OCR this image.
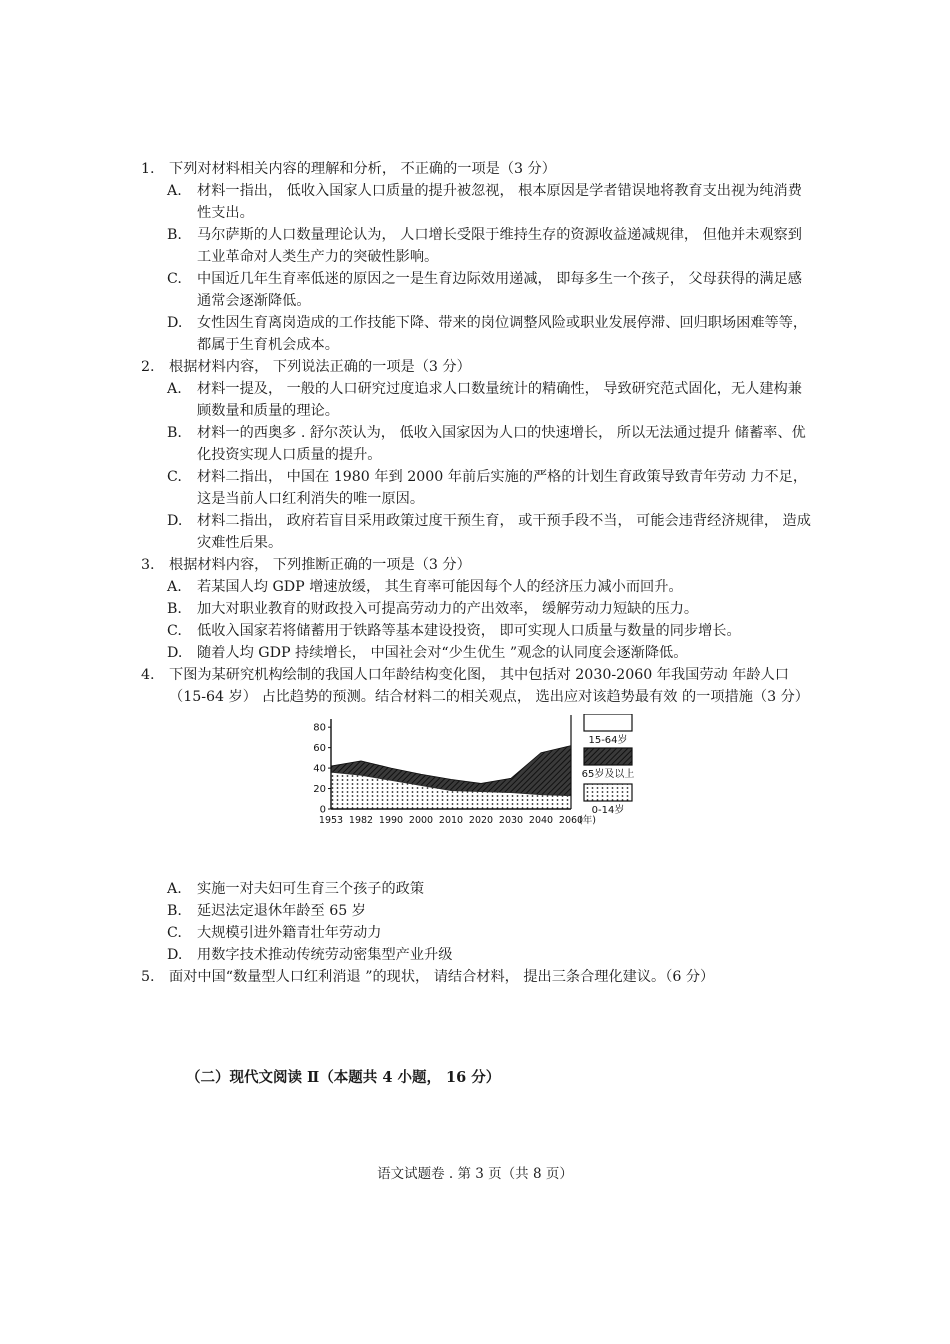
1. 下列对材料相关内容的理解和分析， 不正确的一项是（3 分）
A. 材料一指出， 低收入国家人口质量的提升被忽视， 根本原因是学者错误地将教育支出视为纯消费性支出。
B. 马尔萨斯的人口数量理论认为， 人口增长受限于维持生存的资源收益递减规律， 但他并未观察到工业革命对人类生产力的突破性影响。
C. 中国近几年生育率低迷的原因之一是生育边际效用递减， 即每多生一个孩子， 父母获得的满足感通常会逐渐降低。
D. 女性因生育离岗造成的工作技能下降、带来的岗位调整风险或职业发展停滞、回归职场困难等等， 都属于生育机会成本。
2. 根据材料内容， 下列说法正确的一项是（3 分）
A. 材料一提及， 一般的人口研究过度追求人口数量统计的精确性， 导致研究范式固化，无人建构兼顾数量和质量的理论。
B. 材料一的西奥多 . 舒尔茨认为， 低收入国家因为人口的快速增长， 所以无法通过提升 储蓄率、优化投资实现人口质量的提升。
C. 材料二指出， 中国在 1980 年到 2000 年前后实施的严格的计划生育政策导致青年劳动 力不足， 这是当前人口红利消失的唯一原因。
D. 材料二指出， 政府若盲目采用政策过度干预生育， 或干预手段不当， 可能会违背经济规律， 造成灾难性后果。
3. 根据材料内容， 下列推断正确的一项是（3 分）
A. 若某国人均 GDP 增速放缓， 其生育率可能因每个人的经济压力减小而回升。
B. 加大对职业教育的财政投入可提高劳动力的产出效率， 缓解劳动力短缺的压力。
C. 低收入国家若将储蓄用于铁路等基本建设投资， 即可实现人口质量与数量的同步增长。
D. 随着人均 GDP 持续增长， 中国社会对“少生优生 ”观念的认同度会逐渐降低。
4. 下图为某研究机构绘制的我国人口年龄结构变化图， 其中包括对 2030-2060 年我国劳动 年龄人口（15-64 岁） 占比趋势的预测。结合材料二的相关观点， 选出应对该趋势最有效 的一项措施（3 分）
0
20
40
60
80
1953 1982 1990 2000 2010 2020 2030 2040 2060
(年)
15-64岁
65岁及以上
0-14岁
A. 实施一对夫妇可生育三个孩子的政策
B. 延迟法定退休年龄至 65 岁
C. 大规模引进外籍青壮年劳动力
D. 用数字技术推动传统劳动密集型产业升级
5. 面对中国“数量型人口红利消退 ”的现状， 请结合材料， 提出三条合理化建议。（6 分）
（二）现代文阅读 Ⅱ（本题共 4 小题， 16 分）
语文试题卷 . 第 3 页（共 8 页）
